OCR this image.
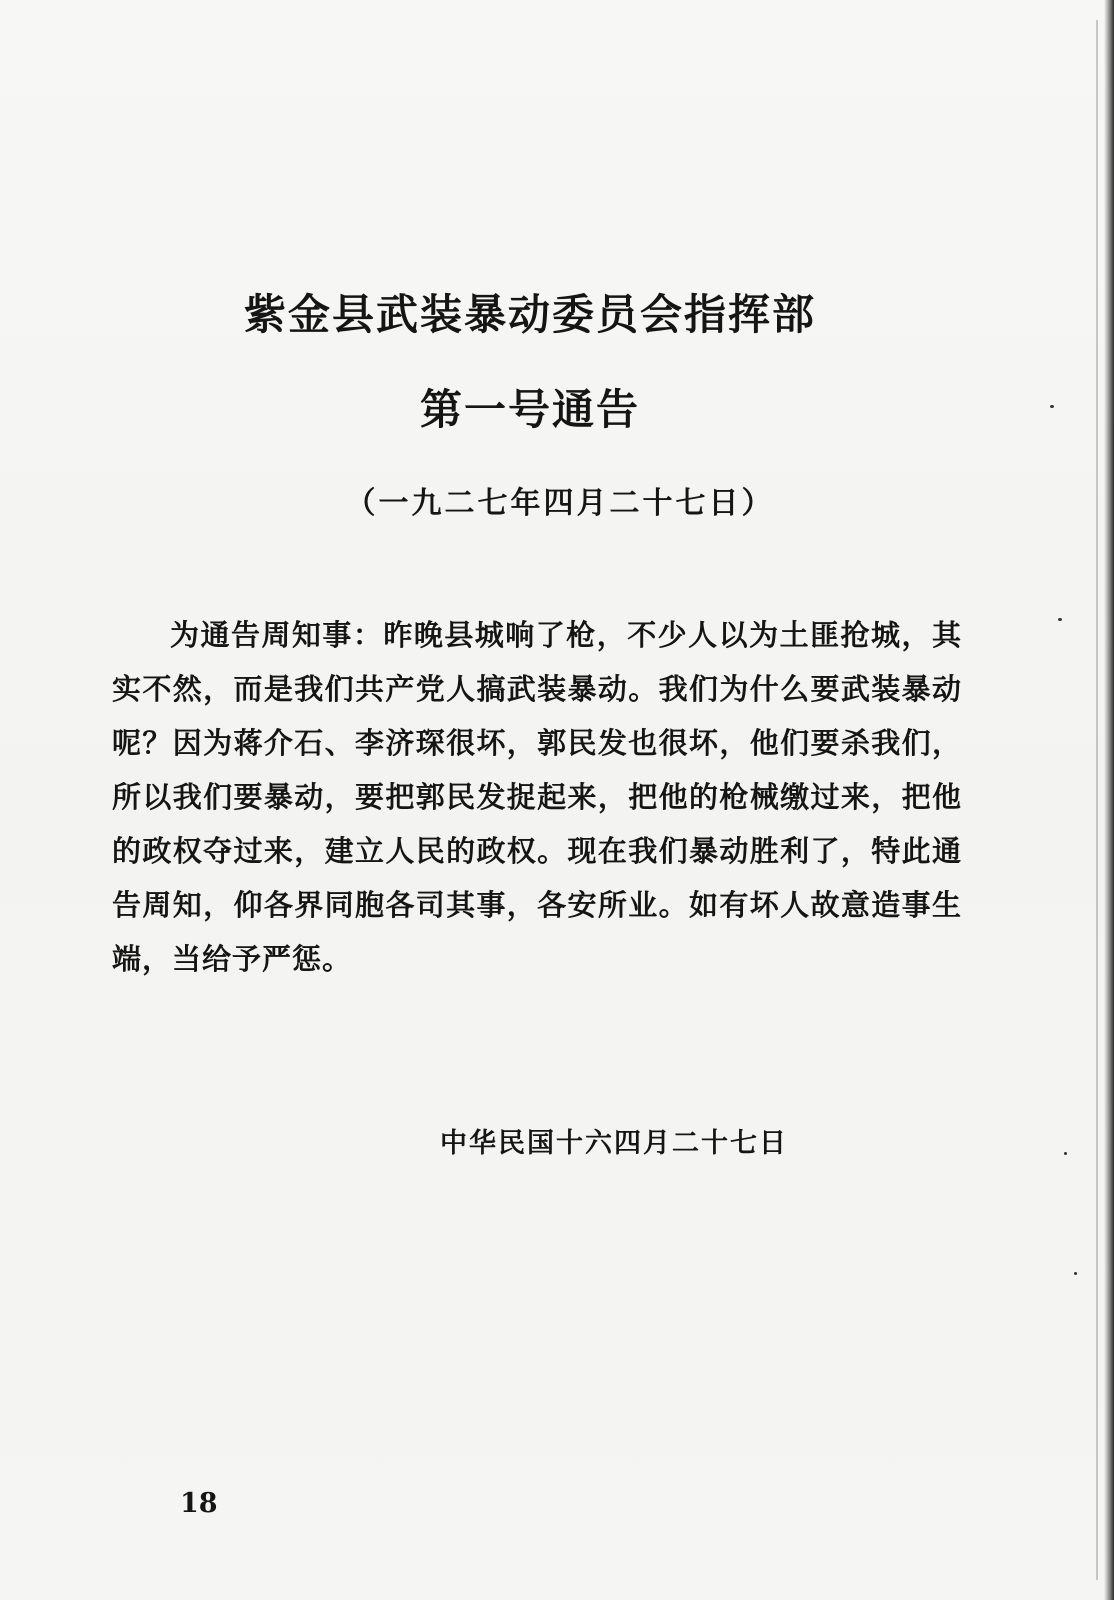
紫金县武装暴动委员会指挥部
第一号通告
（一九二七年四月二十七日）
为通告周知事：昨晚县城响了枪，不少人以为土匪抢城，其实不然，而是我们共产党人搞武装暴动。我们为什么要武装暴动呢？因为蒋介石、李济琛很坏，郭民发也很坏，他们要杀我们，所以我们要暴动，要把郭民发捉起来，把他的枪械缴过来，把他的政权夺过来，建立人民的政权。现在我们暴动胜利了，特此通告周知，仰各界同胞各司其事，各安所业。如有坏人故意造事生端，当给予严惩。
中华民国十六四月二十七日
18
